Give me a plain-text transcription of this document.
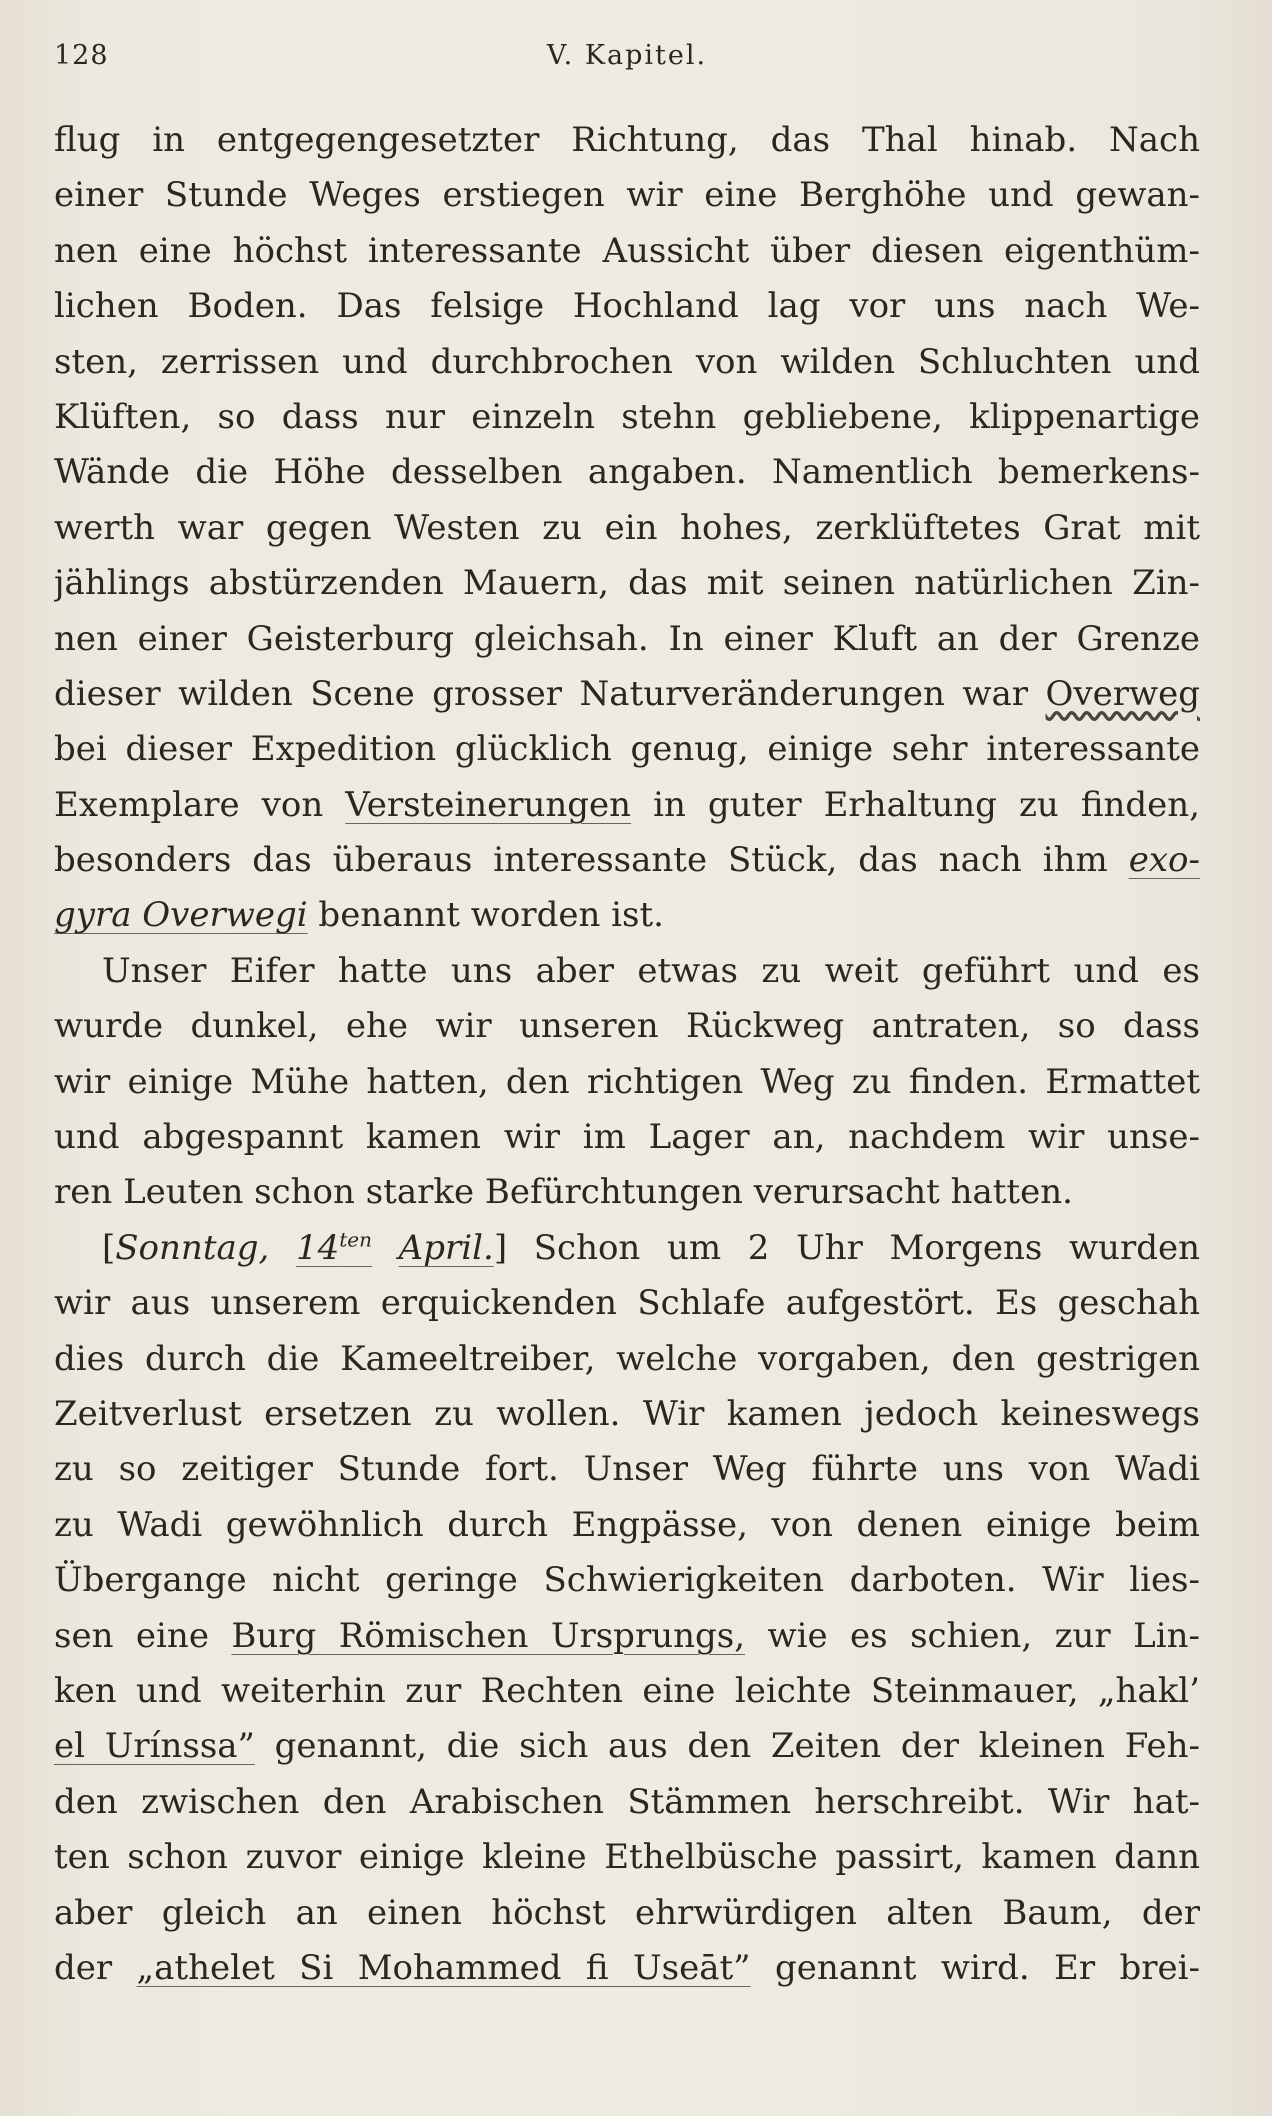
128	V. Kapitel.
flug in entgegengesetzter Richtung, das Thal hinab. Nach
einer Stunde Weges erstiegen wir eine Berghöhe und gewan-
nen eine höchst interessante Aussicht über diesen eigenthüm-
lichen Boden. Das felsige Hochland lag vor uns nach We-
sten, zerrissen und durchbrochen von wilden Schluchten und
Klüften, so dass nur einzeln stehn gebliebene, klippenartige
Wände die Höhe desselben angaben. Namentlich bemerkens-
werth war gegen Westen zu ein hohes, zerklüftetes Grat mit
jählings abstürzenden Mauern, das mit seinen natürlichen Zin-
nen einer Geisterburg gleichsah. In einer Kluft an der Grenze
dieser wilden Scene grosser Naturveränderungen war Overweg
bei dieser Expedition glücklich genug, einige sehr interessante
Exemplare von Versteinerungen in guter Erhaltung zu finden,
besonders das überaus interessante Stück, das nach ihm exo-
gyra Overwegi benannt worden ist.
Unser Eifer hatte uns aber etwas zu weit geführt und es
wurde dunkel, ehe wir unseren Rückweg antraten, so dass
wir einige Mühe hatten, den richtigen Weg zu finden. Ermattet
und abgespannt kamen wir im Lager an, nachdem wir unse-
ren Leuten schon starke Befürchtungen verursacht hatten.
[Sonntag, $14^{ten}$ April.] Schon um 2 Uhr Morgens wurden
wir aus unserem erquickenden Schlafe aufgestört. Es geschah
dies durch die Kameeltreiber, welche vorgaben, den gestrigen
Zeitverlust ersetzen zu wollen. Wir kamen jedoch keineswegs
zu so zeitiger Stunde fort. Unser Weg führte uns von Wadi
zu Wadi gewöhnlich durch Engpässe, von denen einige beim
Übergange nicht geringe Schwierigkeiten darboten. Wir lies-
sen eine Burg Römischen Ursprungs, wie es schien, zur Lin-
ken und weiterhin zur Rechten eine leichte Steinmauer, „hakl’
el Urínssa” genannt, die sich aus den Zeiten der kleinen Feh-
den zwischen den Arabischen Stämmen herschreibt. Wir hat-
ten schon zuvor einige kleine Ethelbüsche passirt, kamen dann
aber gleich an einen höchst ehrwürdigen alten Baum, der
der „athelet Si Mohammed fi Useāt” genannt wird. Er brei-
